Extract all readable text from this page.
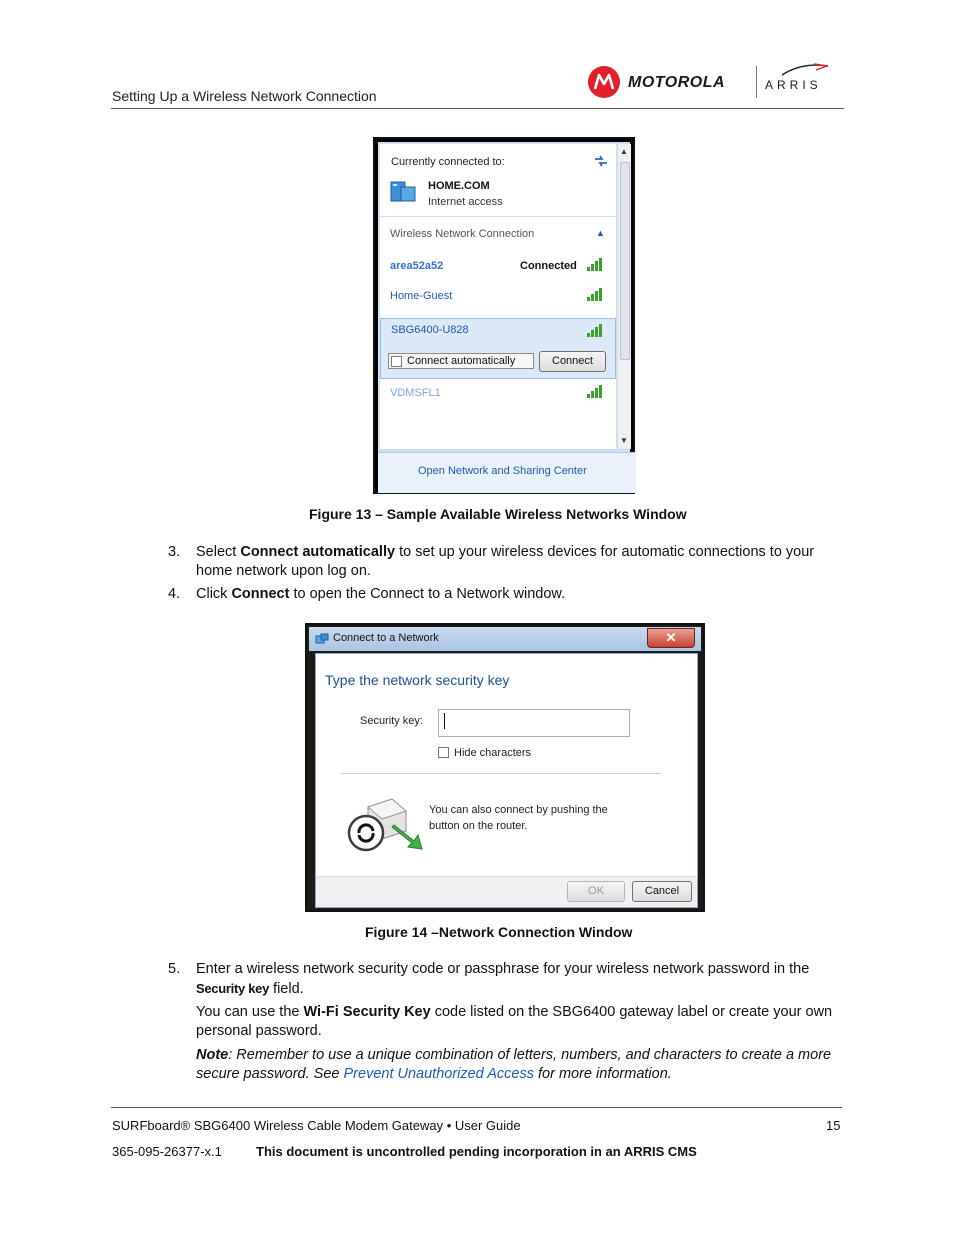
Setting Up a Wireless Network Connection
MOTOROLA	ARRIS
Currently connected to:
HOME.COM
Internet access
Wireless Network Connection	▲
area52a52	Connected
Home-Guest
SBG6400-U828
Connect automatically	Connect
VDMSFL1
▲
▼
Open Network and Sharing Center
Figure 13 – Sample Available Wireless Networks Window
3. Select Connect automatically to set up your wireless devices for automatic connections to your
home network upon log on.
4. Click Connect to open the Connect to a Network window.
Connect to a Network	✕
Type the network security key
Security key:
Hide characters
You can also connect by pushing the
button on the router.
OK	Cancel
Figure 14 –Network Connection Window
5. Enter a wireless network security code or passphrase for your wireless network password in the
Security key field.
You can use the Wi-Fi Security Key code listed on the SBG6400 gateway label or create your own
personal password.
Note: Remember to use a unique combination of letters, numbers, and characters to create a more
secure password. See Prevent Unauthorized Access for more information.
SURFboard® SBG6400 Wireless Cable Modem Gateway • User Guide	15
365-095-26377-x.1	This document is uncontrolled pending incorporation in an ARRIS CMS
